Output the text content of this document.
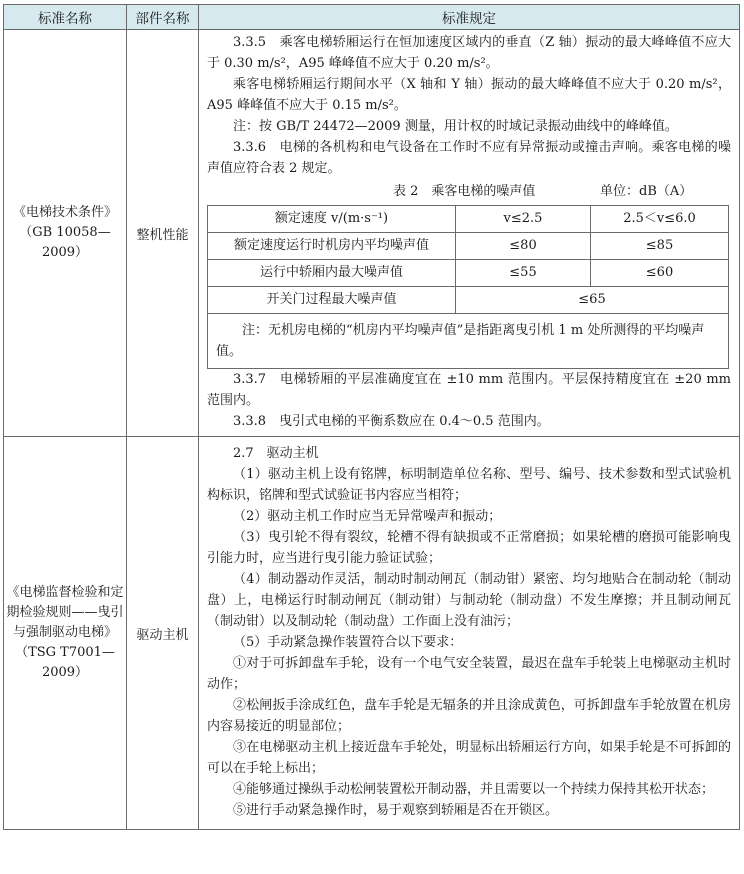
标准名称	部件名称	标准规定
《电梯技术条件》（GB 10058—2009）	整机性能	

3.3.5　乘客电梯轿厢运行在恒加速度区域内的垂直（Z 轴）振动的最大峰峰值不应大于 0.30 m/s²，A95 峰峰值不应大于 0.20 m/s²。

乘客电梯轿厢运行期间水平（X 轴和 Y 轴）振动的最大峰峰值不应大于 0.20 m/s²，A95 峰峰值不应大于 0.15 m/s²。

注：按 GB/T 24472—2009 测量，用计权的时域记录振动曲线中的峰峰值。

3.3.6　电梯的各机构和电气设备在工作时不应有异常振动或撞击声响。乘客电梯的噪声值应符合表 2 规定。

表 2　乘客电梯的噪声值	单位：dB（A）
额定速度 v/(m·s⁻¹)	v≤2.5	2.5＜v≤6.0
额定速度运行时机房内平均噪声值	≤80	≤85
运行中轿厢内最大噪声值	≤55	≤60
开关门过程最大噪声值	≤65

注：无机房电梯的“机房内平均噪声值”是指距离曳引机 1 m 处所测得的平均噪声值。

3.3.7　电梯轿厢的平层准确度宜在 ±10 mm 范围内。平层保持精度宜在 ±20 mm 范围内。

3.3.8　曳引式电梯的平衡系数应在 0.4～0.5 范围内。

《电梯监督检验和定期检验规则——曳引与强制驱动电梯》（TSG T7001—2009）	驱动主机	

2.7　驱动主机

（1）驱动主机上设有铭牌，标明制造单位名称、型号、编号、技术参数和型式试验机构标识，铭牌和型式试验证书内容应当相符；

（2）驱动主机工作时应当无异常噪声和振动；

（3）曳引轮不得有裂纹，轮槽不得有缺损或不正常磨损；如果轮槽的磨损可能影响曳引能力时，应当进行曳引能力验证试验；

（4）制动器动作灵活，制动时制动闸瓦（制动钳）紧密、均匀地贴合在制动轮（制动盘）上，电梯运行时制动闸瓦（制动钳）与制动轮（制动盘）不发生摩擦；并且制动闸瓦（制动钳）以及制动轮（制动盘）工作面上没有油污；

（5）手动紧急操作装置符合以下要求：

①对于可拆卸盘车手轮，设有一个电气安全装置，最迟在盘车手轮装上电梯驱动主机时动作；

②松闸扳手涂成红色，盘车手轮是无辐条的并且涂成黄色，可拆卸盘车手轮放置在机房内容易接近的明显部位；

③在电梯驱动主机上接近盘车手轮处，明显标出轿厢运行方向，如果手轮是不可拆卸的可以在手轮上标出；

④能够通过操纵手动松闸装置松开制动器，并且需要以一个持续力保持其松开状态；

⑤进行手动紧急操作时，易于观察到轿厢是否在开锁区。
